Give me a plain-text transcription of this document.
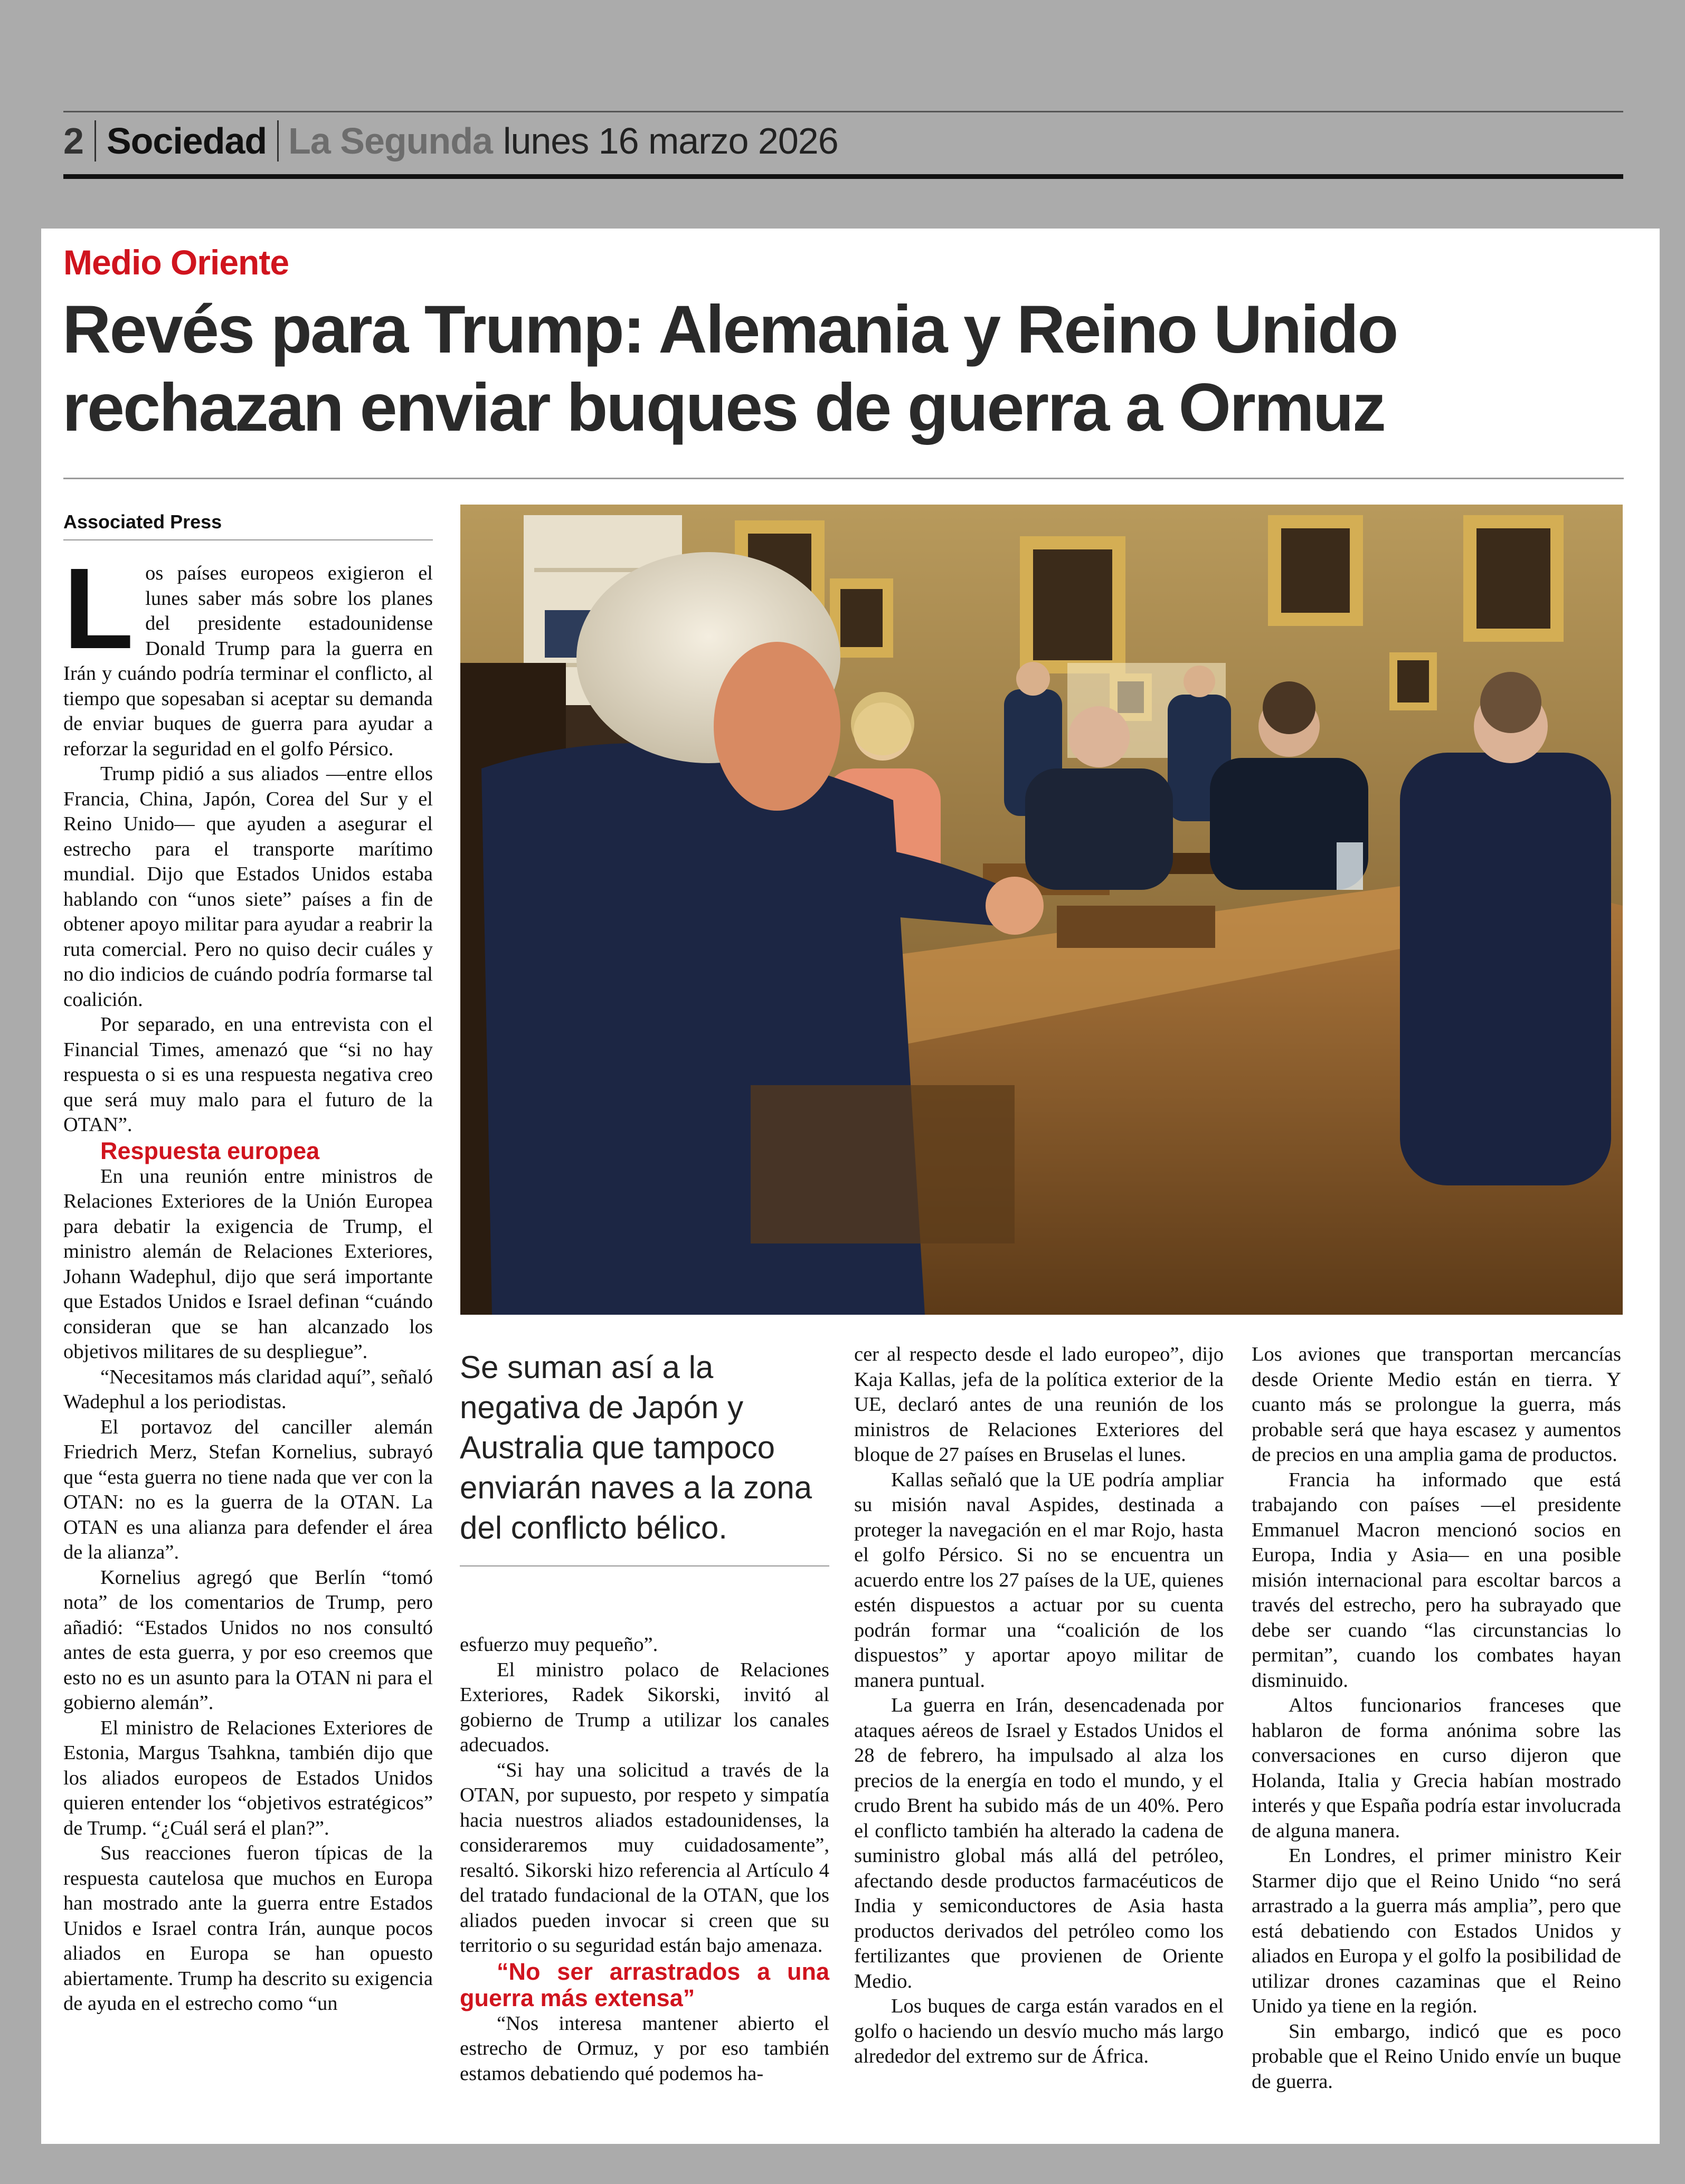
2 Sociedad La Segunda lunes 16 marzo 2026
Medio Oriente
Revés para Trump: Alemania y Reino Unido rechazan enviar buques de guerra a Ormuz
Associated Press

Los países europeos exigieron el lunes saber más sobre los planes del presidente estadounidense Donald Trump para la guerra en Irán y cuándo podría terminar el conflicto, al tiempo que sopesaban si aceptar su demanda de enviar buques de guerra para ayudar a reforzar la seguridad en el golfo Pérsico.

Trump pidió a sus aliados —entre ellos Francia, China, Japón, Corea del Sur y el Reino Unido— que ayuden a asegurar el estrecho para el transporte marítimo mundial. Dijo que Estados Unidos estaba hablando con “unos siete” países a fin de obtener apoyo militar para ayudar a reabrir la ruta comercial. Pero no quiso decir cuáles y no dio indicios de cuándo podría formarse tal coalición.

Por separado, en una entrevista con el Financial Times, amenazó que “si no hay respuesta o si es una respuesta negativa creo que será muy malo para el futuro de la OTAN”.

Respuesta europea

En una reunión entre ministros de Relaciones Exteriores de la Unión Europea para debatir la exigencia de Trump, el ministro alemán de Relaciones Exteriores, Johann Wadephul, dijo que será importante que Estados Unidos e Israel definan “cuándo consideran que se han alcanzado los objetivos militares de su despliegue”.

“Necesitamos más claridad aquí”, señaló Wadephul a los periodistas.

El portavoz del canciller alemán Friedrich Merz, Stefan Kornelius, subrayó que “esta guerra no tiene nada que ver con la OTAN: no es la guerra de la OTAN. La OTAN es una alianza para defender el área de la alianza”.

Kornelius agregó que Berlín “tomó nota” de los comentarios de Trump, pero añadió: “Estados Unidos no nos consultó antes de esta guerra, y por eso creemos que esto no es un asunto para la OTAN ni para el gobierno alemán”.

El ministro de Relaciones Exteriores de Estonia, Margus Tsahkna, también dijo que los aliados europeos de Estados Unidos quieren entender los “objetivos estratégicos” de Trump. “¿Cuál será el plan?”.

Sus reacciones fueron típicas de la respuesta cautelosa que muchos en Europa han mostrado ante la guerra entre Estados Unidos e Israel contra Irán, aunque pocos aliados en Europa se han opuesto abiertamente. Trump ha descrito su exigencia de ayuda en el estrecho como “un

Se suman así a la negativa de Japón y Australia que tampoco enviarán naves a la zona del conflicto bélico.

esfuerzo muy pequeño”.

El ministro polaco de Relaciones Exteriores, Radek Sikorski, invitó al gobierno de Trump a utilizar los canales adecuados.

“Si hay una solicitud a través de la OTAN, por supuesto, por respeto y simpatía hacia nuestros aliados estadounidenses, la consideraremos muy cuidadosamente”, resaltó. Sikorski hizo referencia al Artículo 4 del tratado fundacional de la OTAN, que los aliados pueden invocar si creen que su territorio o su seguridad están bajo amenaza.

“No ser arrastrados a una guerra más extensa”

“Nos interesa mantener abierto el estrecho de Ormuz, y por eso también estamos debatiendo qué podemos ha-

cer al respecto desde el lado europeo”, dijo Kaja Kallas, jefa de la política exterior de la UE, declaró antes de una reunión de los ministros de Relaciones Exteriores del bloque de 27 países en Bruselas el lunes.

Kallas señaló que la UE podría ampliar su misión naval Aspides, destinada a proteger la navegación en el mar Rojo, hasta el golfo Pérsico. Si no se encuentra un acuerdo entre los 27 países de la UE, quienes estén dispuestos a actuar por su cuenta podrán formar una “coalición de los dispuestos” y aportar apoyo militar de manera puntual.

La guerra en Irán, desencadenada por ataques aéreos de Israel y Estados Unidos el 28 de febrero, ha impulsado al alza los precios de la energía en todo el mundo, y el crudo Brent ha subido más de un 40%. Pero el conflicto también ha alterado la cadena de suministro global más allá del petróleo, afectando desde productos farmacéuticos de India y semiconductores de Asia hasta productos derivados del petróleo como los fertilizantes que provienen de Oriente Medio.

Los buques de carga están varados en el golfo o haciendo un desvío mucho más largo alrededor del extremo sur de África.

Los aviones que transportan mercancías desde Oriente Medio están en tierra. Y cuanto más se prolongue la guerra, más probable será que haya escasez y aumentos de precios en una amplia gama de productos.

Francia ha informado que está trabajando con países —el presidente Emmanuel Macron mencionó socios en Europa, India y Asia— en una posible misión internacional para escoltar barcos a través del estrecho, pero ha subrayado que debe ser cuando “las circunstancias lo permitan”, cuando los combates hayan disminuido.

Altos funcionarios franceses que hablaron de forma anónima sobre las conversaciones en curso dijeron que Holanda, Italia y Grecia habían mostrado interés y que España podría estar involucrada de alguna manera.

En Londres, el primer ministro Keir Starmer dijo que el Reino Unido “no será arrastrado a la guerra más amplia”, pero que está debatiendo con Estados Unidos y aliados en Europa y el golfo la posibilidad de utilizar drones cazaminas que el Reino Unido ya tiene en la región.

Sin embargo, indicó que es poco probable que el Reino Unido envíe un buque de guerra.
